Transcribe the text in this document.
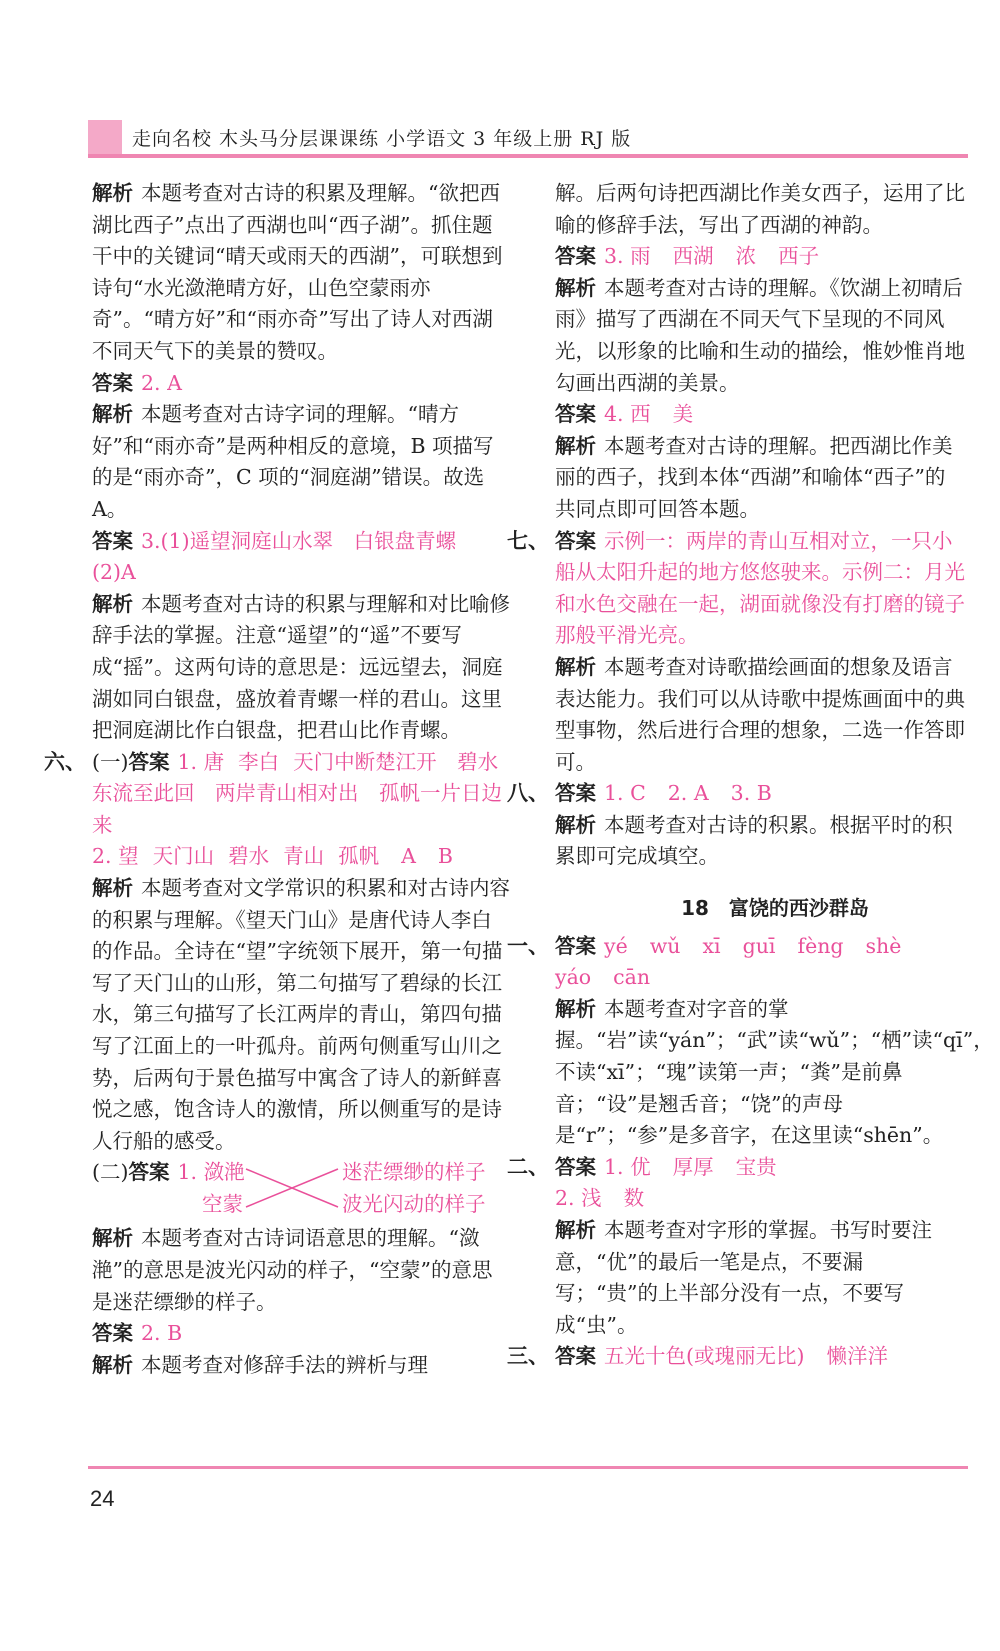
走向名校 木头马分层课课练 小学语文 3 年级上册 RJ 版

解析 本题考查对古诗的积累及理解。“欲把西湖比西子”点出了西湖也叫“西子湖”。抓住题干中的关键词“晴天或雨天的西湖”，可联想到诗句“水光潋滟晴方好，山色空蒙雨亦奇”。“晴方好”和“雨亦奇”写出了诗人对西湖不同天气下的美景的赞叹。

答案 2. A

解析 本题考查对古诗字词的理解。“晴方好”和“雨亦奇”是两种相反的意境，B 项描写的是“雨亦奇”，C 项的“洞庭湖”错误。故选 A。

答案 3.(1)遥望洞庭山水翠　白银盘青螺　(2)A

解析 本题考查对古诗的积累与理解和对比喻修辞手法的掌握。注意“遥望”的“遥”不要写成“摇”。这两句诗的意思是：远远望去，洞庭湖如同白银盘，盛放着青螺一样的君山。这里把洞庭湖比作白银盘，把君山比作青螺。

六、 (一)答案 1. 唐 李白 天门中断楚江开　碧水东流至此回　两岸青山相对出　孤帆一片日边来

2. 望 天门山 碧水 青山 孤帆 A B

解析 本题考查对文学常识的积累和对古诗内容的积累与理解。《望天门山》是唐代诗人李白的作品。全诗在“望”字统领下展开，第一句描写了天门山的山形，第二句描写了碧绿的长江水，第三句描写了长江两岸的青山，第四句描写了江面上的一叶孤舟。前两句侧重写山川之势，后两句于景色描写中寓含了诗人的新鲜喜悦之感，饱含诗人的激情，所以侧重写的是诗人行船的感受。

(二)答案 1. 潋滟
空蒙
迷茫缥缈的样子
波光闪动的样子

解析 本题考查对古诗词语意思的理解。“潋滟”的意思是波光闪动的样子，“空蒙”的意思是迷茫缥缈的样子。

答案 2. B

解析 本题考查对修辞手法的辨析与理

解。后两句诗把西湖比作美女西子，运用了比喻的修辞手法，写出了西湖的神韵。

答案 3. 雨 西湖 浓 西子

解析 本题考查对古诗的理解。《饮湖上初晴后雨》描写了西湖在不同天气下呈现的不同风光，以形象的比喻和生动的描绘，惟妙惟肖地勾画出西湖的美景。

答案 4. 西 美

解析 本题考查对古诗的理解。把西湖比作美丽的西子，找到本体“西湖”和喻体“西子”的共同点即可回答本题。

七、 答案 示例一：两岸的青山互相对立，一只小船从太阳升起的地方悠悠驶来。示例二：月光和水色交融在一起，湖面就像没有打磨的镜子那般平滑光亮。

解析 本题考查对诗歌描绘画面的想象及语言表达能力。我们可以从诗歌中提炼画面中的典型事物，然后进行合理的想象，二选一作答即可。

八、 答案 1. C 2. A 3. B

解析 本题考查对古诗的积累。根据平时的积累即可完成填空。

18　富饶的西沙群岛

一、 答案 yé wǔ xī guī fèng shè

yáo cān

解析 本题考查对字音的掌握。“岩”读“yán”；“武”读“wǔ”；“栖”读“qī”，不读“xī”；“瑰”读第一声；“粪”是前鼻音；“设”是翘舌音；“饶”的声母是“r”；“参”是多音字，在这里读“shēn”。

二、 答案 1. 优 厚厚 宝贵

2. 浅 数

解析 本题考查对字形的掌握。书写时要注意，“优”的最后一笔是点，不要漏写；“贵”的上半部分没有一点，不要写成“虫”。

三、 答案 五光十色(或瑰丽无比) 懒洋洋

24
